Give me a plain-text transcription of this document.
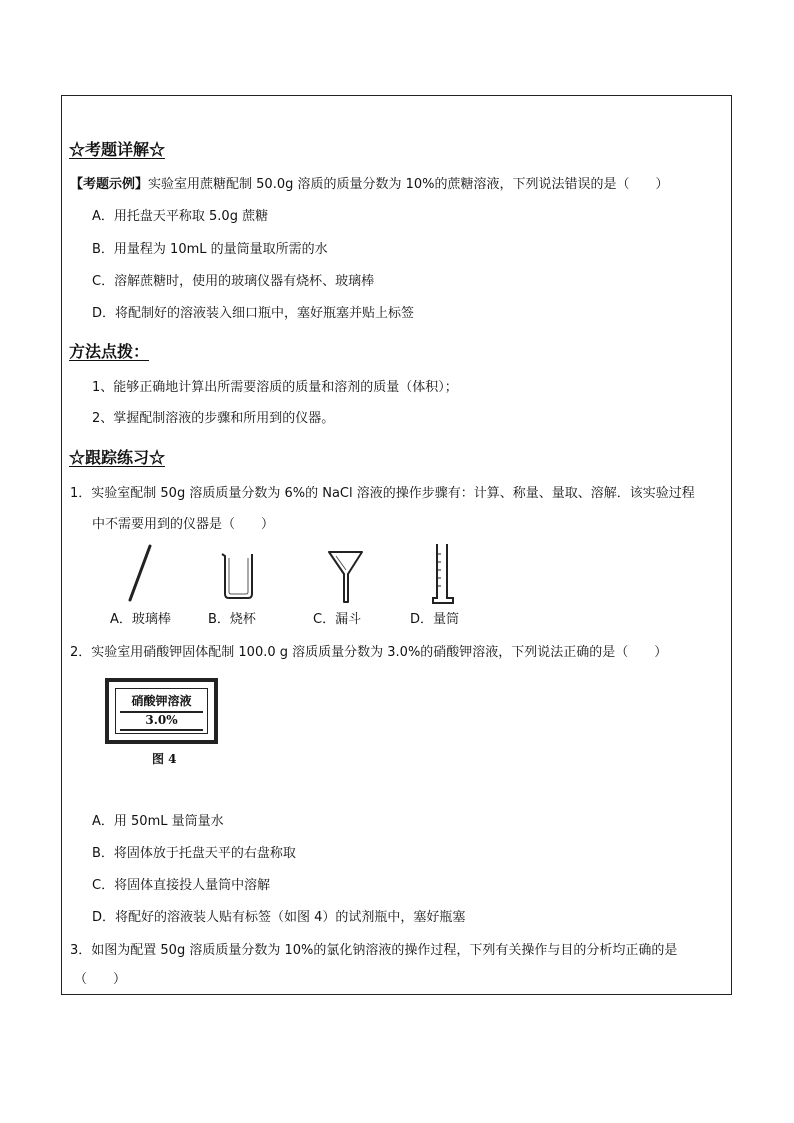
☆考题详解☆
【考题示例】实验室用蔗糖配制 50.0g 溶质的质量分数为 10%的蔗糖溶液，下列说法错误的是（　　）
A．用托盘天平称取 5.0g 蔗糖
B．用量程为 10mL 的量筒量取所需的水
C．溶解蔗糖时，使用的玻璃仪器有烧杯、玻璃棒
D．将配制好的溶液装入细口瓶中，塞好瓶塞并贴上标签
方法点拨：
1、能够正确地计算出所需要溶质的质量和溶剂的质量（体积）；
2、掌握配制溶液的步骤和所用到的仪器。
☆跟踪练习☆
1．实验室配制 50g 溶质质量分数为 6%的 NaCl 溶液的操作步骤有：计算、称量、量取、溶解．该实验过程
中不需要用到的仪器是（　　）
A．玻璃棒	B．烧杯	C．漏斗	D．量筒
2．实验室用硝酸钾固体配制 100.0 g 溶质质量分数为 3.0%的硝酸钾溶液，下列说法正确的是（　　）
硝酸钾溶液
3.0%
图 4
A．用 50mL 量筒量水
B．将固体放于托盘天平的右盘称取
C．将固体直接投人量筒中溶解
D．将配好的溶液装人贴有标签（如图 4）的试剂瓶中，塞好瓶塞
3．如图为配置 50g 溶质质量分数为 10%的氯化钠溶液的操作过程，下列有关操作与目的分析均正确的是
（　　）
